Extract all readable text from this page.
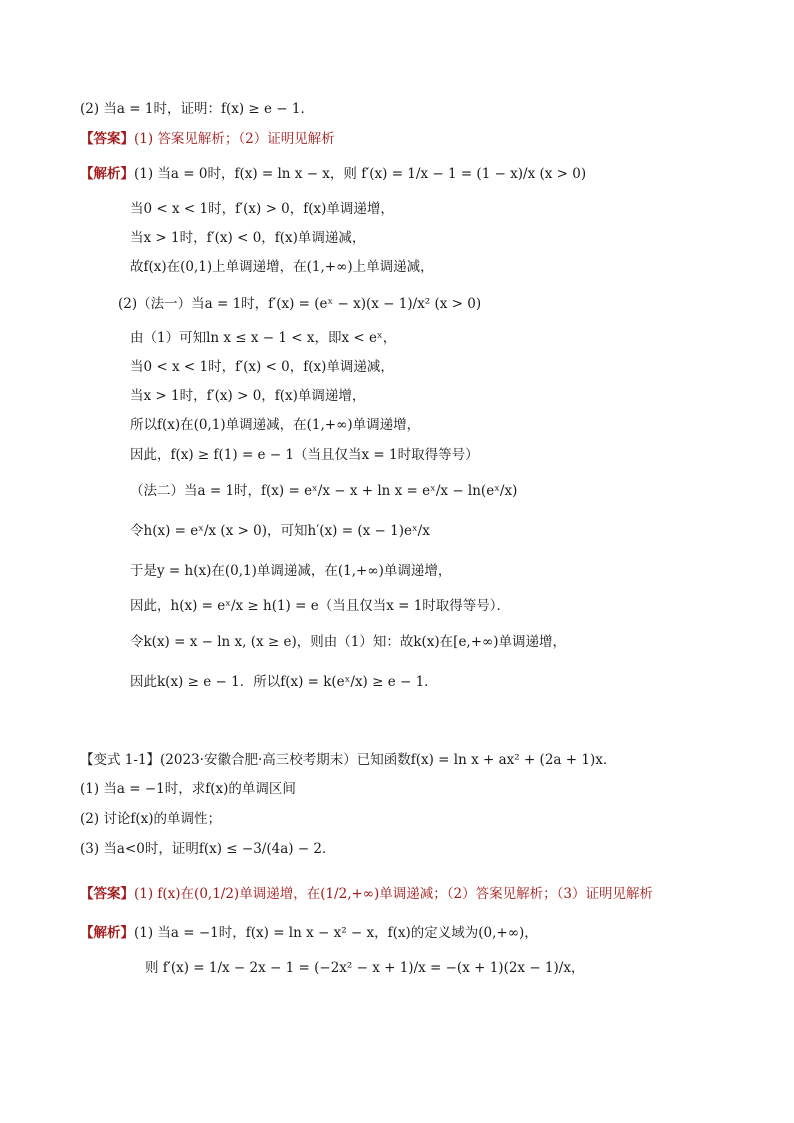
(2) 当a = 1时，证明：f(x) ≥ e − 1．
【答案】(1) 答案见解析；（2）证明见解析
【解析】(1) 当a = 0时，f(x) = ln x − x，则 f′(x) = 1/x − 1 = (1 − x)/x (x > 0)
当0 < x < 1时，f′(x) > 0，f(x)单调递增，
当x > 1时，f′(x) < 0，f(x)单调递减，
故f(x)在(0,1)上单调递增，在(1,+∞)上单调递减，
(2)（法一）当a = 1时，f′(x) = (eˣ − x)(x − 1)/x² (x > 0)
由（1）可知ln x ≤ x − 1 < x，即x < eˣ，
当0 < x < 1时，f′(x) < 0，f(x)单调递减，
当x > 1时，f′(x) > 0，f(x)单调递增，
所以f(x)在(0,1)单调递减，在(1,+∞)单调递增，
因此，f(x) ≥ f(1) = e − 1（当且仅当x = 1时取得等号）
（法二）当a = 1时，f(x) = eˣ/x − x + ln x = eˣ/x − ln(eˣ/x)
令h(x) = eˣ/x (x > 0)，可知h′(x) = (x − 1)eˣ/x
于是y = h(x)在(0,1)单调递减，在(1,+∞)单调递增，
因此，h(x) = eˣ/x ≥ h(1) = e（当且仅当x = 1时取得等号）．
令k(x) = x − ln x, (x ≥ e)，则由（1）知：故k(x)在[e,+∞)单调递增，
因此k(x) ≥ e − 1．所以f(x) = k(eˣ/x) ≥ e − 1．
【变式 1-1】(2023·安徽合肥·高三校考期末）已知函数f(x) = ln x + ax² + (2a + 1)x．
(1) 当a = −1时，求f(x)的单调区间
(2) 讨论f(x)的单调性；
(3) 当a<0时，证明f(x) ≤ −3/(4a) − 2．
【答案】(1) f(x)在(0,1/2)单调递增，在(1/2,+∞)单调递减；（2）答案见解析；（3）证明见解析
【解析】(1) 当a = −1时，f(x) = ln x − x² − x，f(x)的定义域为(0,+∞)，
则 f′(x) = 1/x − 2x − 1 = (−2x² − x + 1)/x = −(x + 1)(2x − 1)/x，
